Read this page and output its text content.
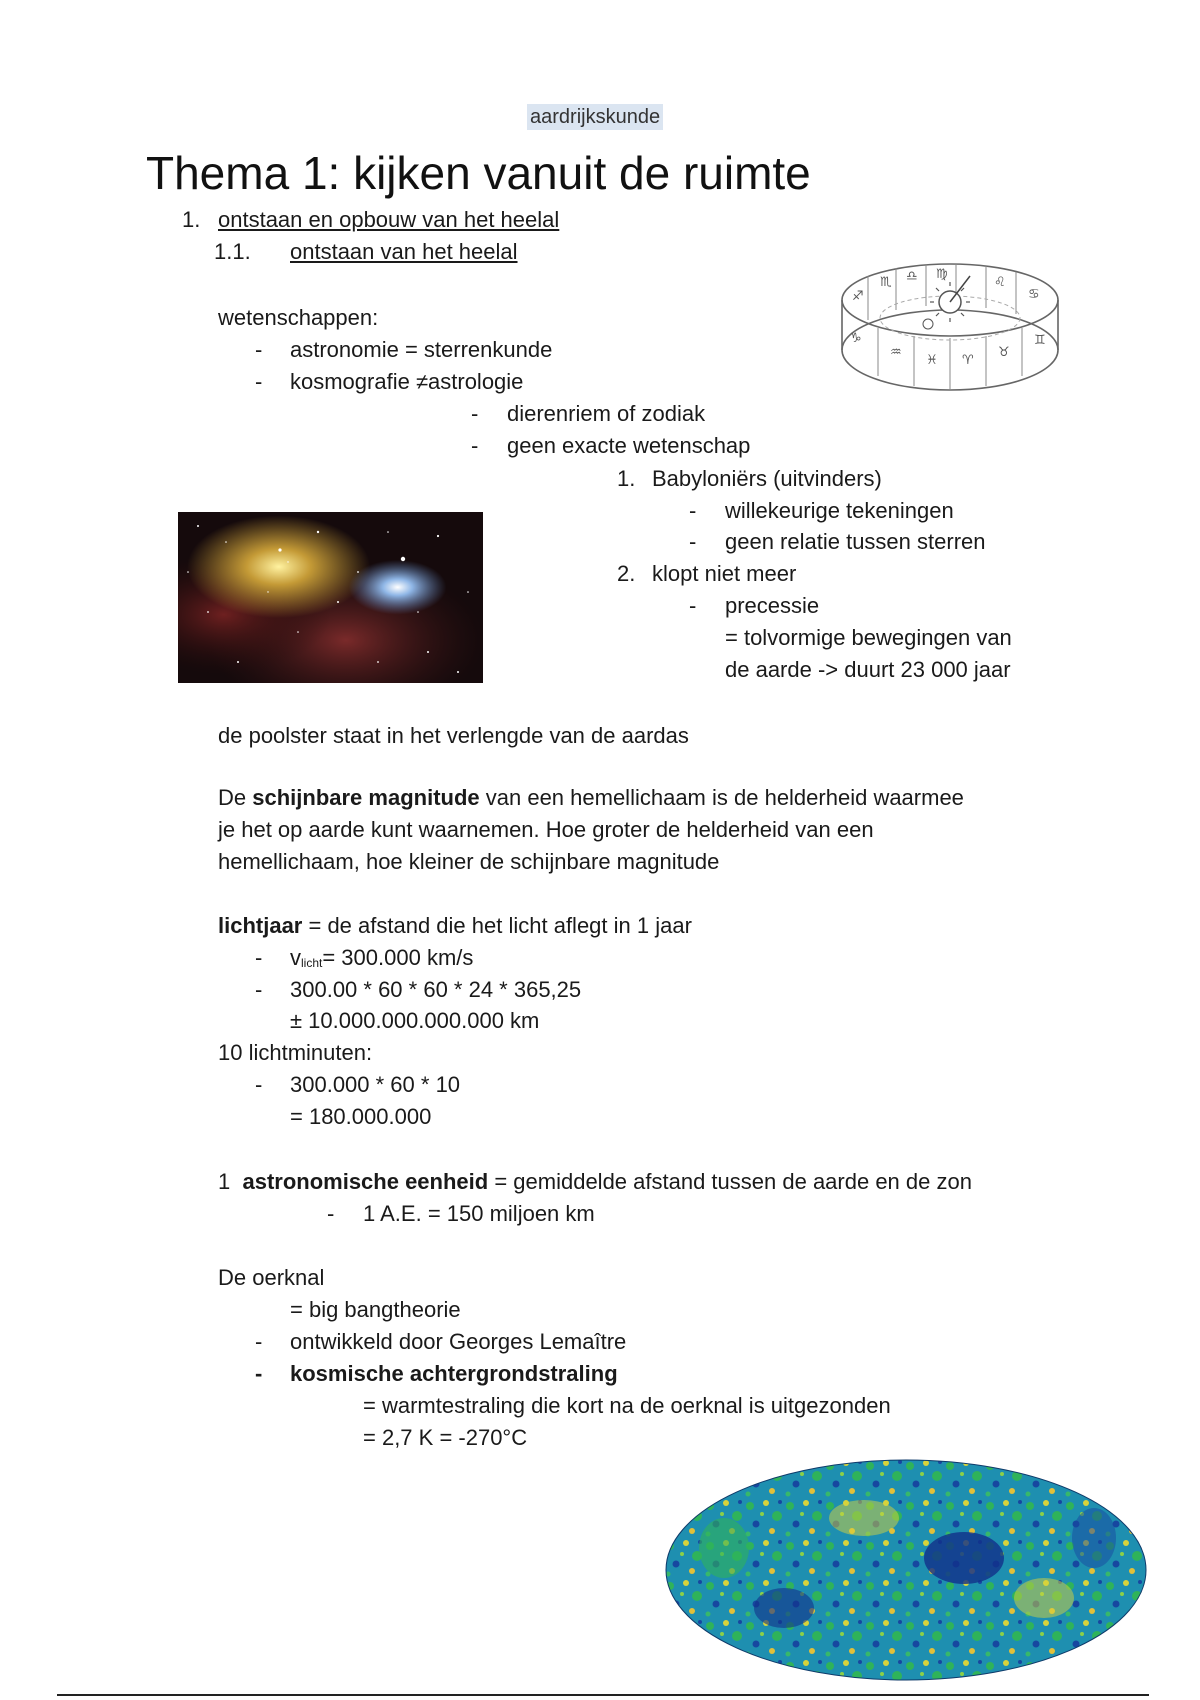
aardrijkskunde
Thema 1: kijken vanuit de ruimte
1. ontstaan en opbouw van het heelal
1.1. ontstaan van het heelal
wetenschappen:
- astronomie = sterrenkunde
- kosmografie ≠astrologie
- dierenriem of zodiak
- geen exacte wetenschap
1. Babyloniërs (uitvinders)
- willekeurige tekeningen
- geen relatie tussen sterren
2. klopt niet meer
- precessie
= tolvormige bewegingen van
de aarde -> duurt 23 000 jaar
♐
♏ ♎ ♍
♌
♋
♑
♒
♓ ♈
♉
♊
de poolster staat in het verlengde van de aardas
De schijnbare magnitude van een hemellichaam is de helderheid waarmee
je het op aarde kunt waarnemen. Hoe groter de helderheid van een
hemellichaam, hoe kleiner de schijnbare magnitude
lichtjaar = de afstand die het licht aflegt in 1 jaar
- $v_{licht}= 300.000$ km/s
- 300.00 * 60 * 60 * 24 * 365,25
± 10.000.000.000.000 km
10 lichtminuten:
- 300.000 * 60 * 10
= 180.000.000
1  astronomische eenheid = gemiddelde afstand tussen de aarde en de zon
- 1 A.E. = 150 miljoen km
De oerknal
= big bangtheorie
- ontwikkeld door Georges Lemaître
- kosmische achtergrondstraling
= warmtestraling die kort na de oerknal is uitgezonden
= 2,7 K = -270°C
